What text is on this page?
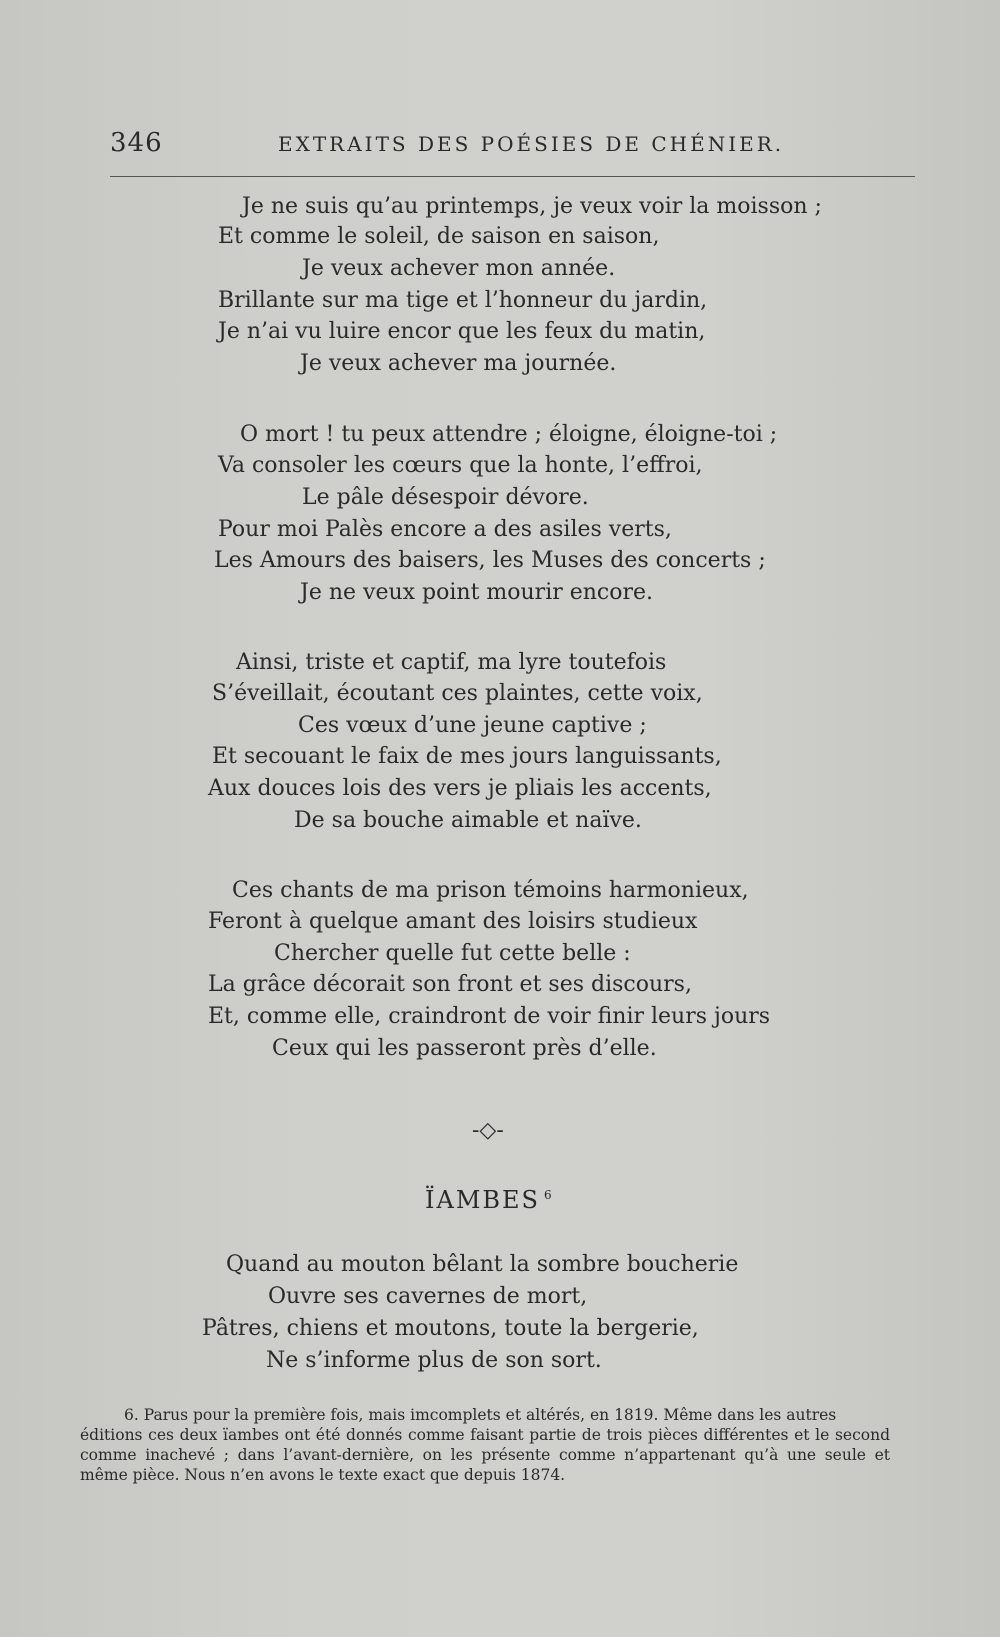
346	EXTRAITS DES POÉSIES DE CHÉNIER.
Je ne suis qu’au printemps, je veux voir la moisson ;
Et comme le soleil, de saison en saison,
Je veux achever mon année.
Brillante sur ma tige et l’honneur du jardin,
Je n’ai vu luire encor que les feux du matin,
Je veux achever ma journée.
O mort ! tu peux attendre ; éloigne, éloigne-toi ;
Va consoler les cœurs que la honte, l’effroi,
Le pâle désespoir dévore.
Pour moi Palès encore a des asiles verts,
Les Amours des baisers, les Muses des concerts ;
Je ne veux point mourir encore.
Ainsi, triste et captif, ma lyre toutefois
S’éveillait, écoutant ces plaintes, cette voix,
Ces vœux d’une jeune captive ;
Et secouant le faix de mes jours languissants,
Aux douces lois des vers je pliais les accents,
De sa bouche aimable et naïve.
Ces chants de ma prison témoins harmonieux,
Feront à quelque amant des loisirs studieux
Chercher quelle fut cette belle :
La grâce décorait son front et ses discours,
Et, comme elle, craindront de voir finir leurs jours
Ceux qui les passeront près d’elle.
-◇-
ÏAMBES $^6$
Quand au mouton bêlant la sombre boucherie
Ouvre ses cavernes de mort,
Pâtres, chiens et moutons, toute la bergerie,
Ne s’informe plus de son sort.
6. Parus pour la première fois, mais imcomplets et altérés, en 1819. Même dans les autres
éditions ces deux ïambes ont été donnés comme faisant partie de trois pièces différentes et le second comme inachevé ; dans l’avant-dernière, on les présente comme n’appartenant qu’à une seule et même pièce. Nous n’en avons le texte exact que depuis 1874.
